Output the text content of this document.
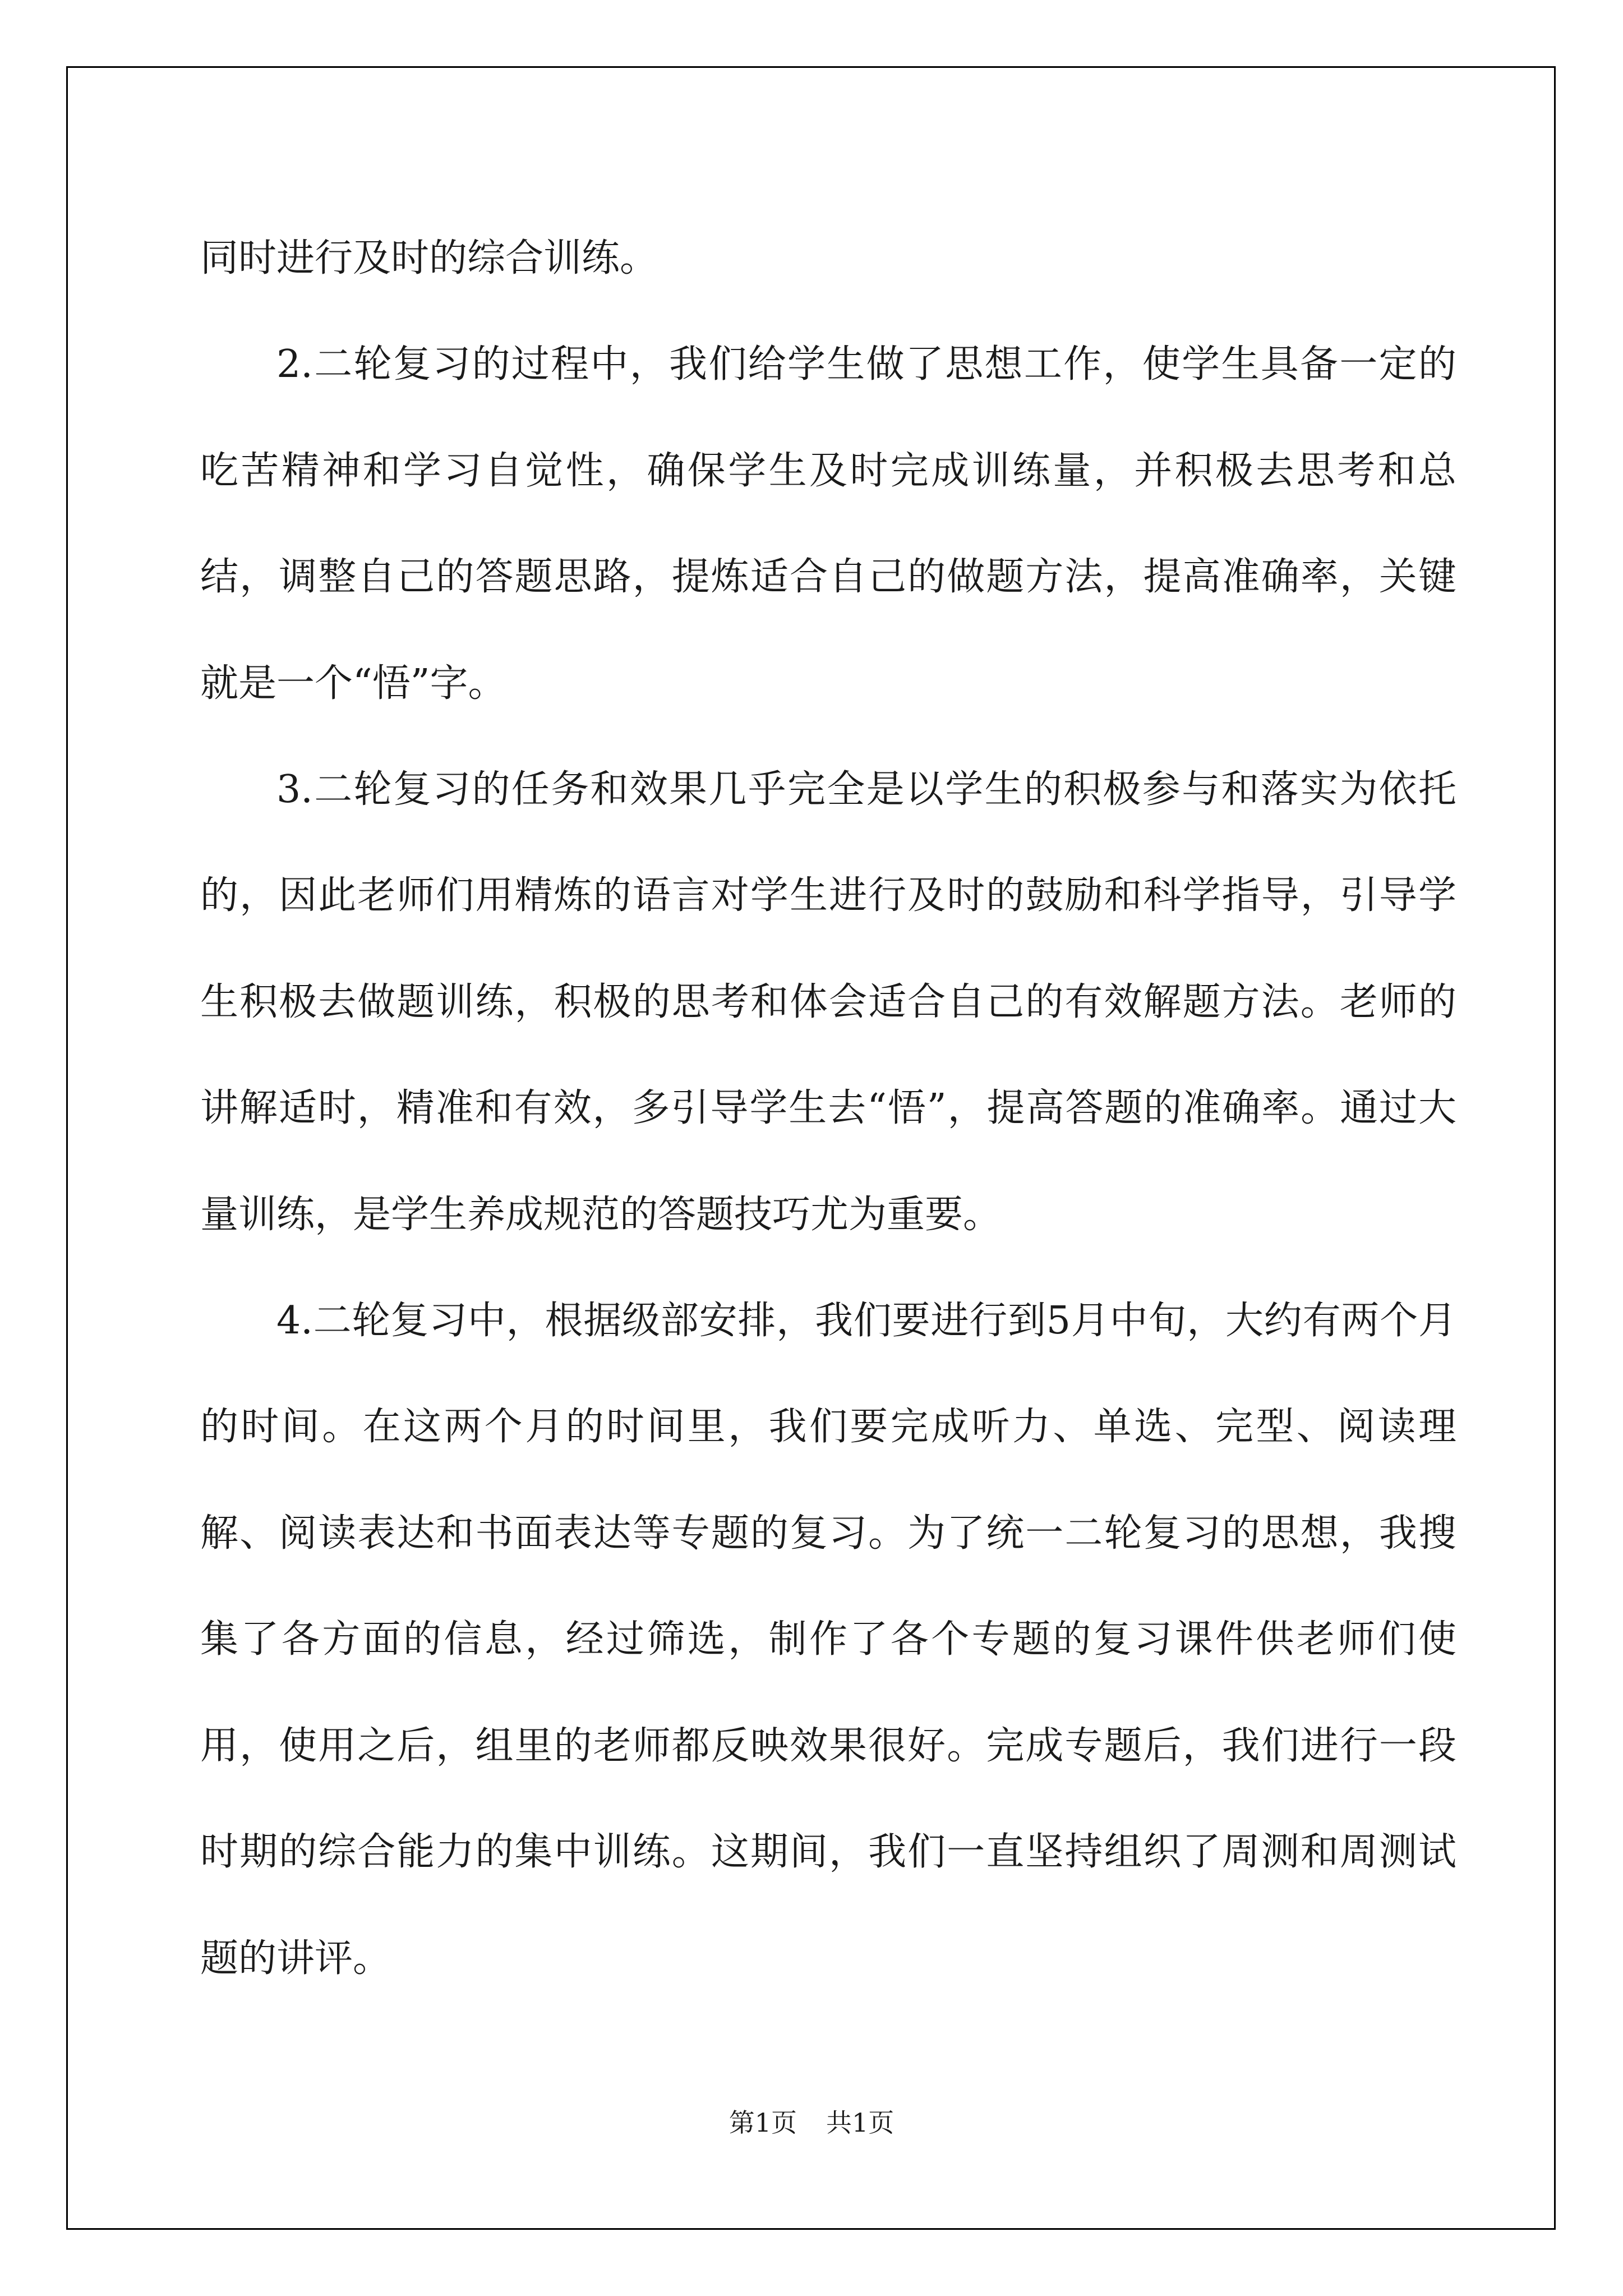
同时进行及时的综合训练。

2.二轮复习的过程中，我们给学生做了思想工作，使学生具备一定的吃苦精神和学习自觉性，确保学生及时完成训练量，并积极去思考和总结，调整自己的答题思路，提炼适合自己的做题方法，提高准确率，关键就是一个“悟”字。

3.二轮复习的任务和效果几乎完全是以学生的积极参与和落实为依托的，因此老师们用精炼的语言对学生进行及时的鼓励和科学指导，引导学生积极去做题训练，积极的思考和体会适合自己的有效解题方法。老师的讲解适时，精准和有效，多引导学生去“悟”，提高答题的准确率。通过大量训练，是学生养成规范的答题技巧尤为重要。

4.二轮复习中，根据级部安排，我们要进行到5月中旬，大约有两个月的时间。在这两个月的时间里，我们要完成听力、单选、完型、阅读理解、阅读表达和书面表达等专题的复习。为了统一二轮复习的思想，我搜集了各方面的信息，经过筛选，制作了各个专题的复习课件供老师们使用，使用之后，组里的老师都反映效果很好。完成专题后，我们进行一段时期的综合能力的集中训练。这期间，我们一直坚持组织了周测和周测试题的讲评。

第1页 共1页
